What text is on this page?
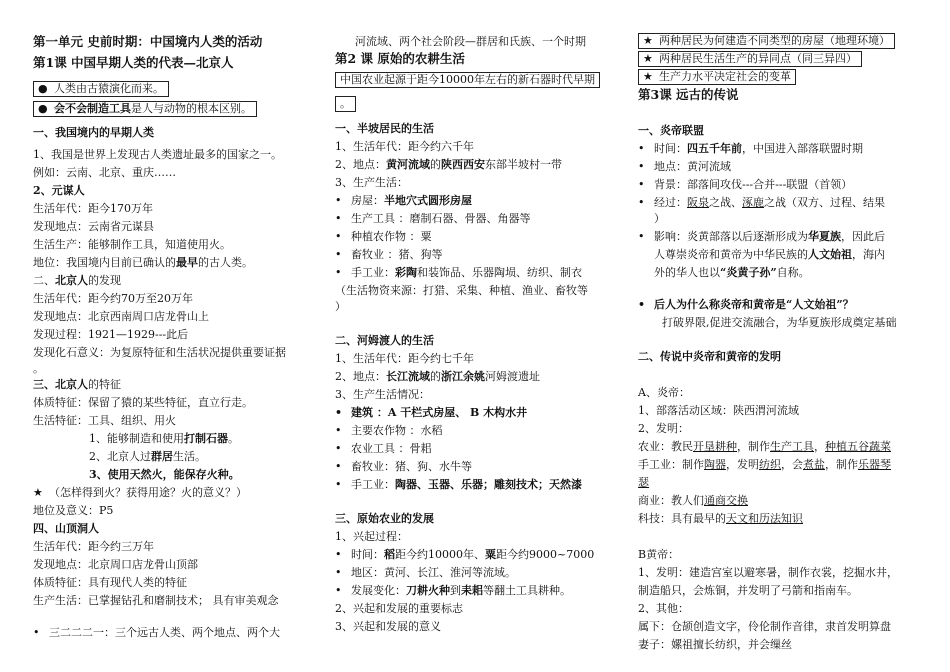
第一单元 史前时期：中国境内人类的活动
第1课 中国早期人类的代表—北京人
● 人类由古猿演化而来。
● 会不会制造工具是人与动物的根本区别。
一、我国境内的早期人类
1、我国是世界上发现古人类遗址最多的国家之一。
例如：云南、北京、重庆……
2、元谋人
生活年代：距今170万年
发现地点：云南省元谋县
生活生产：能够制作工具，知道使用火。
地位：我国境内目前已确认的最早的古人类。
二、北京人的发现
生活年代：距今约70万至20万年
发现地点：北京西南周口店龙骨山上
发现过程：1921—1929---此后
发现化石意义：为复原特征和生活状况提供重要证据
。
三、北京人的特征
体质特征：保留了猿的某些特征，直立行走。
生活特征：工具、组织、用火
1、能够制造和使用打制石器。
2、北京人过群居生活。
3、使用天然火，能保存火种。
★ （怎样得到火？获得用途？火的意义？）
地位及意义：P5
四、山顶洞人
生活年代：距今约三万年
发现地点：北京周口店龙骨山顶部
体质特征：具有现代人类的特征
生产生活：已掌握钻孔和磨制技术； 具有审美观念
• 三二二二一：三个远古人类、两个地点、两个大
河流域、两个社会阶段—群居和氏族、一个时期
第2 课 原始的农耕生活
中国农业起源于距今10000年左右的新石器时代早期
。
一、半坡居民的生活
1、生活年代：距今约六千年
2、地点：黄河流域的陕西西安东部半坡村一带
3、生产生活：
• 房屋：半地穴式圆形房屋
• 生产工具 ：磨制石器、骨器、角器等
• 种植农作物 ：粟
• 畜牧业 ：猪、狗等
• 手工业：彩陶和装饰品、乐器陶埙、纺织、制衣
（生活物资来源：打猎、采集、种植、渔业、畜牧等
）
二、河姆渡人的生活
1、生活年代：距今约七千年
2、地点：长江流域的浙江余姚河姆渡遗址
3、生产生活情况：
• 建筑 ：A 干栏式房屋、 B 木构水井
• 主要农作物 ：水稻
• 农业工具 ：骨耜
• 畜牧业：猪、狗、水牛等
• 手工业：陶器、玉器、乐器；雕刻技术；天然漆
三、原始农业的发展
1、兴起过程：
• 时间：稻距今约10000年、粟距今约9000~7000
• 地区：黄河、长江、淮河等流域。
• 发展变化：刀耕火种到耒耜等翻土工具耕种。
2、兴起和发展的重要标志
3、兴起和发展的意义
★ 两种居民为何建造不同类型的房屋（地理环境）
★ 两种居民生活生产的异同点（同三异四）
★ 生产力水平决定社会的变革
第3课 远古的传说
一、炎帝联盟
• 时间：四五千年前，中国进入部落联盟时期
• 地点：黄河流域
• 背景：部落间攻伐---合并---联盟（首领）
• 经过：阪泉之战、涿鹿之战（双方、过程、结果
）
• 影响：炎黄部落以后逐渐形成为华夏族，因此后
人尊崇炎帝和黄帝为中华民族的人文始祖，海内
外的华人也以“炎黄子孙”自称。
• 后人为什么称炎帝和黄帝是“人文始祖”？
打破界限,促进交流融合，为华夏族形成奠定基础
二、传说中炎帝和黄帝的发明
A、炎帝：
1、部落活动区域：陕西渭河流域
2、发明：
农业：教民开垦耕种，制作生产工具，种植五谷蔬菜
手工业：制作陶器，发明纺织，会煮盐，制作乐器琴
瑟
商业：教人们通商交换
科技：具有最早的天文和历法知识
B黄帝：
1、发明：建造宫室以避寒暑，制作衣裳，挖掘水井，
制造船只，会炼铜，并发明了弓箭和指南车。
2、其他：
属下：仓颉创造文字，伶伦制作音律，隶首发明算盘
妻子：嫘祖擅长纺织，并会缫丝
